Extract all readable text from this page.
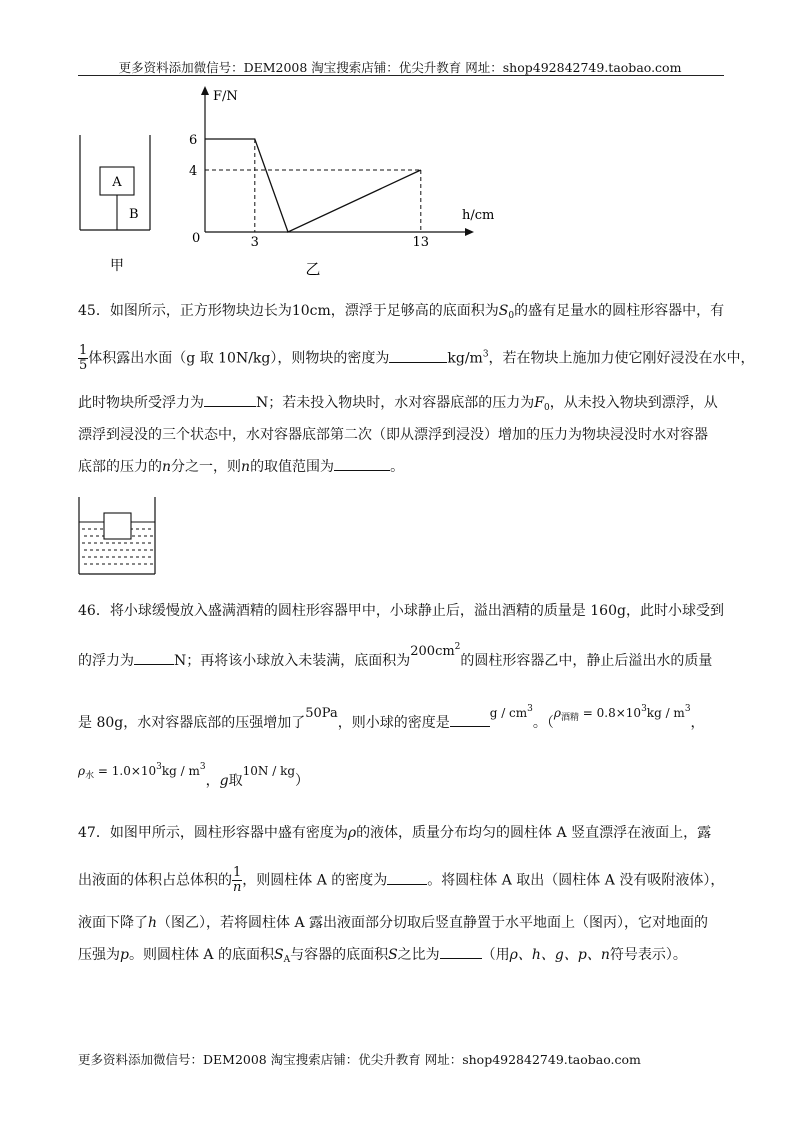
更多资料添加微信号：DEM2008 淘宝搜索店铺：优尖升教育 网址：shop492842749.taobao.com
A
B
甲
F/N
h/cm
0
6
4
3	13
乙
45．如图所示，正方形物块边长为10cm，漂浮于足够高的底面积为$S_0$的盛有足量水的圆柱形容器中，有
$\frac{1}{5}$ 体积露出水面（g 取 10N/kg），则物块的密度为	$kg/m^3$，若在物块上施加力使它刚好浸没在水中，
此时物块所受浮力为	N；若未投入物块时，水对容器底部的压力为$F_0$，从未投入物块到漂浮，从
漂浮到浸没的三个状态中，水对容器底部第二次（即从漂浮到浸没）增加的压力为物块浸没时水对容器
底部的压力的n分之一，则n的取值范围为	。
46．将小球缓慢放入盛满酒精的圆柱形容器甲中，小球静止后，溢出酒精的质量是 160g，此时小球受到
的浮力为	N；再将该小球放入未装满，底面积为$200cm^2$的圆柱形容器乙中，静止后溢出水的质量
是 80g，水对容器底部的压强增加了50Pa，则小球的密度是g / $cm^3$。（$\rho_{酒精} = 0.8\times 10^3kg / m^3$，
$\rho_水 = 1.0\times 10^3kg / m^3$，g取10N / kg）
47．如图甲所示，圆柱形容器中盛有密度为ρ的液体，质量分布均匀的圆柱体 A 竖直漂浮在液面上，露
出液面的体积占总体积的 $\frac{1}{n}$ ，则圆柱体 A 的密度为	。将圆柱体 A 取出（圆柱体 A 没有吸附液体），
液面下降了h（图乙），若将圆柱体 A 露出液面部分切取后竖直静置于水平地面上（图丙），它对地面的
压强为p。则圆柱体 A 的底面积$S_A$与容器的底面积S之比为	（用ρ、h、g、p、n符号表示）。
更多资料添加微信号：DEM2008 淘宝搜索店铺：优尖升教育 网址：shop492842749.taobao.com
